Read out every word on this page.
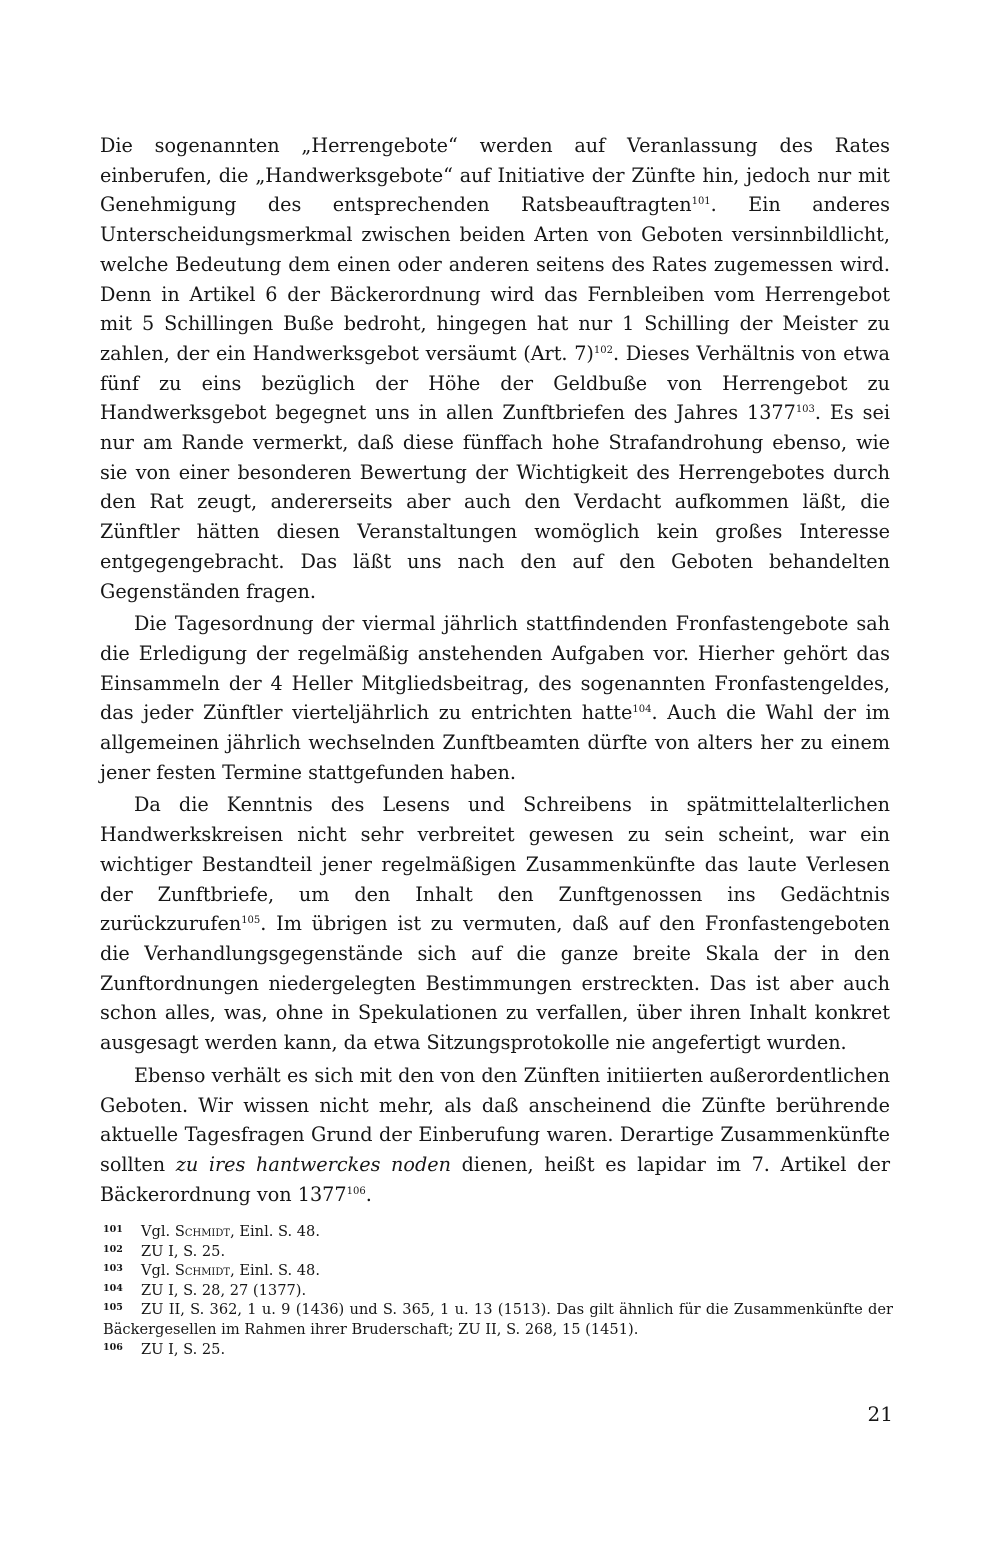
Die sogenannten „Herrengebote“ werden auf Veranlassung des Rates einberufen, die „Handwerksgebote“ auf Initiative der Zünfte hin, jedoch nur mit Genehmigung des entsprechenden Ratsbeauftragten$^{101}$. Ein anderes Unterscheidungsmerkmal zwischen beiden Arten von Geboten versinnbildlicht, welche Bedeutung dem einen oder anderen seitens des Rates zugemessen wird. Denn in Artikel 6 der Bäckerordnung wird das Fernbleiben vom Herrengebot mit 5 Schillingen Buße bedroht, hingegen hat nur 1 Schilling der Meister zu zahlen, der ein Handwerksgebot versäumt (Art. 7)$^{102}$. Dieses Verhältnis von etwa fünf zu eins bezüglich der Höhe der Geldbuße von Herrengebot zu Handwerksgebot begegnet uns in allen Zunftbriefen des Jahres 1377$^{103}$. Es sei nur am Rande vermerkt, daß diese fünffach hohe Strafandrohung ebenso, wie sie von einer besonderen Bewertung der Wichtigkeit des Herrengebotes durch den Rat zeugt, andererseits aber auch den Verdacht aufkommen läßt, die Zünftler hätten diesen Veranstaltungen womöglich kein großes Interesse entgegengebracht. Das läßt uns nach den auf den Geboten behandelten Gegenständen fragen.

Die Tagesordnung der viermal jährlich stattfindenden Fronfastengebote sah die Erledigung der regelmäßig anstehenden Aufgaben vor. Hierher gehört das Einsammeln der 4 Heller Mitgliedsbeitrag, des sogenannten Fronfastengeldes, das jeder Zünftler vierteljährlich zu entrichten hatte$^{104}$. Auch die Wahl der im allgemeinen jährlich wechselnden Zunftbeamten dürfte von alters her zu einem jener festen Termine stattgefunden haben.

Da die Kenntnis des Lesens und Schreibens in spätmittelalterlichen Handwerkskreisen nicht sehr verbreitet gewesen zu sein scheint, war ein wichtiger Bestandteil jener regelmäßigen Zusammenkünfte das laute Verlesen der Zunftbriefe, um den Inhalt den Zunftgenossen ins Gedächtnis zurückzurufen$^{105}$. Im übrigen ist zu vermuten, daß auf den Fronfastengeboten die Verhandlungsgegenstände sich auf die ganze breite Skala der in den Zunftordnungen niedergelegten Bestimmungen erstreckten. Das ist aber auch schon alles, was, ohne in Spekulationen zu verfallen, über ihren Inhalt konkret ausgesagt werden kann, da etwa Sitzungsprotokolle nie angefertigt wurden.

Ebenso verhält es sich mit den von den Zünften initiierten außerordentlichen Geboten. Wir wissen nicht mehr, als daß anscheinend die Zünfte berührende aktuelle Tagesfragen Grund der Einberufung waren. Derartige Zusammenkünfte sollten zu ires hantwerckes noden dienen, heißt es lapidar im 7. Artikel der Bäckerordnung von 1377$^{106}$.

101 Vgl. Schmidt, Einl. S. 48.

102 ZU I, S. 25.

103 Vgl. Schmidt, Einl. S. 48.

104 ZU I, S. 28, 27 (1377).

105 ZU II, S. 362, 1 u. 9 (1436) und S. 365, 1 u. 13 (1513). Das gilt ähnlich für die Zusammenkünfte der Bäckergesellen im Rahmen ihrer Bruderschaft; ZU II, S. 268, 15 (1451).

106 ZU I, S. 25.

21
